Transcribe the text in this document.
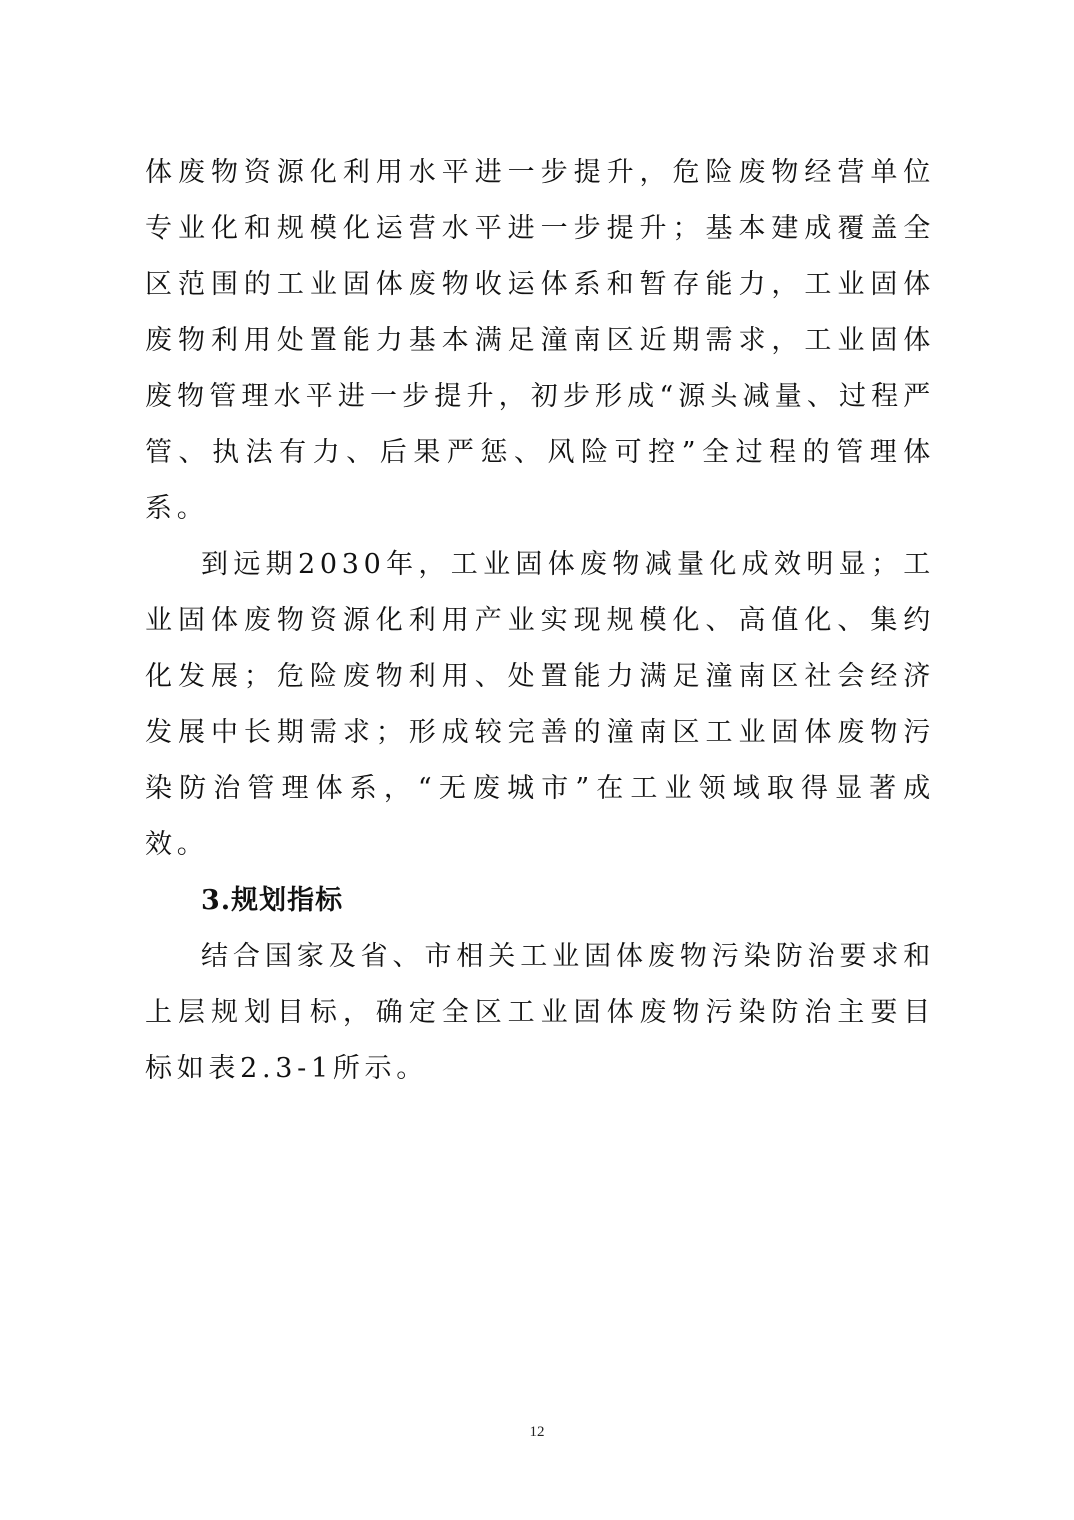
体废物资源化利用水平进一步提升，危险废物经营单位专业化和规模化运营水平进一步提升；基本建成覆盖全区范围的工业固体废物收运体系和暂存能力，工业固体废物利用处置能力基本满足潼南区近期需求，工业固体废物管理水平进一步提升，初步形成“源头减量、过程严管、执法有力、后果严惩、风险可控”全过程的管理体系。

到远期2030年，工业固体废物减量化成效明显；工业固体废物资源化利用产业实现规模化、高值化、集约化发展；危险废物利用、处置能力满足潼南区社会经济发展中长期需求；形成较完善的潼南区工业固体废物污染防治管理体系，“无废城市”在工业领域取得显著成效。

3.规划指标

结合国家及省、市相关工业固体废物污染防治要求和上层规划目标，确定全区工业固体废物污染防治主要目标如表2.3-1所示。

12
